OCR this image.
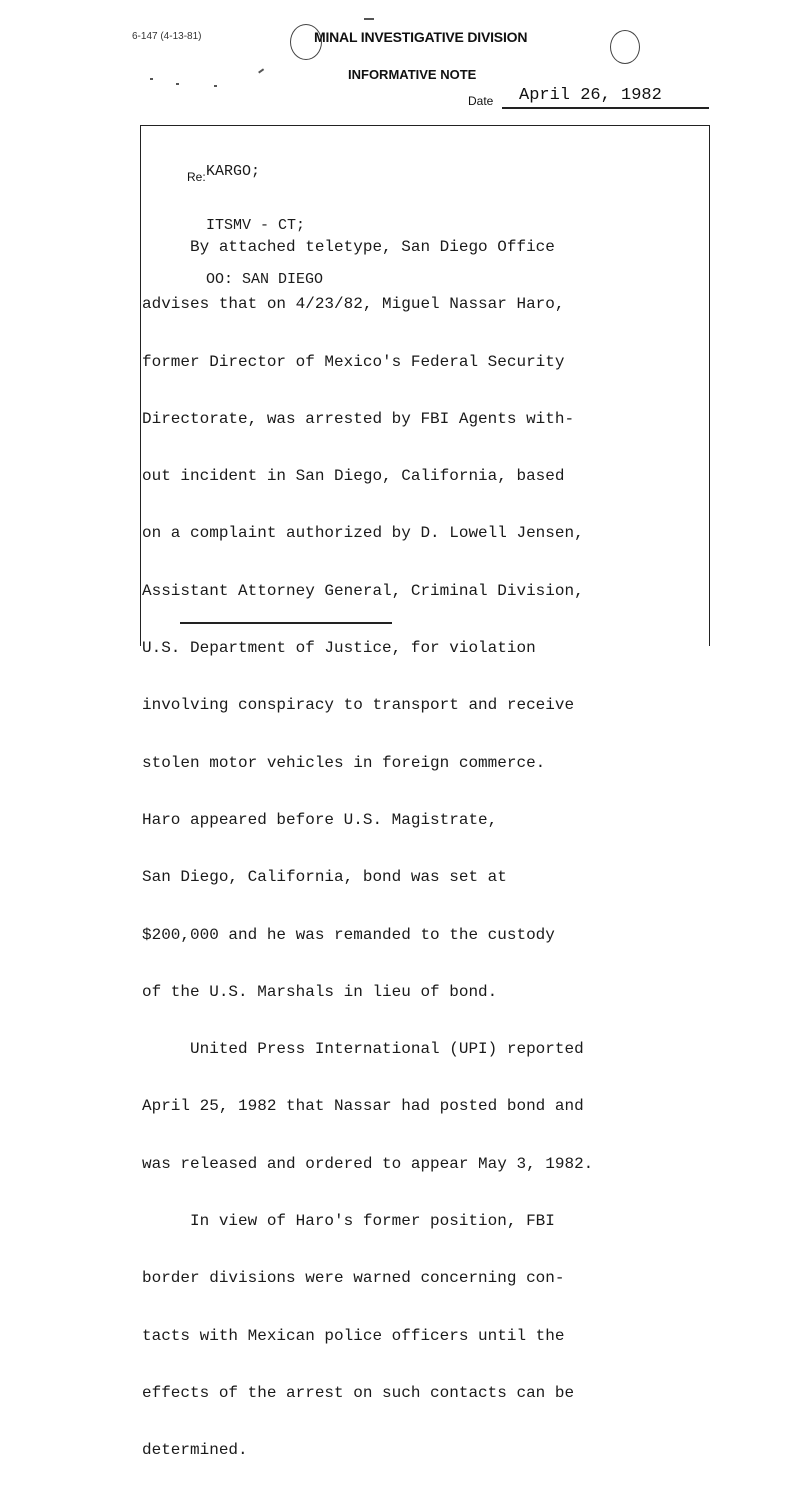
6-147 (4-13-81)	MINAL INVESTIGATIVE DIVISION
INFORMATIVE NOTE
Date April 26, 1982

KARGO;

ITSMV - CT;

OO: SAN DIEGO

Re:

By attached teletype, San Diego Office

advises that on 4/23/82, Miguel Nassar Haro,

former Director of Mexico's Federal Security

Directorate, was arrested by FBI Agents with-

out incident in San Diego, California, based

on a complaint authorized by D. Lowell Jensen,

Assistant Attorney General, Criminal Division,

U.S. Department of Justice, for violation

involving conspiracy to transport and receive

stolen motor vehicles in foreign commerce.

Haro appeared before U.S. Magistrate,

San Diego, California, bond was set at

$200,000 and he was remanded to the custody

of the U.S. Marshals in lieu of bond.

United Press International (UPI) reported

April 25, 1982 that Nassar had posted bond and

was released and ordered to appear May 3, 1982.

In view of Haro's former position, FBI

border divisions were warned concerning con-

tacts with Mexican police officers until the

effects of the arrest on such contacts can be

determined.
